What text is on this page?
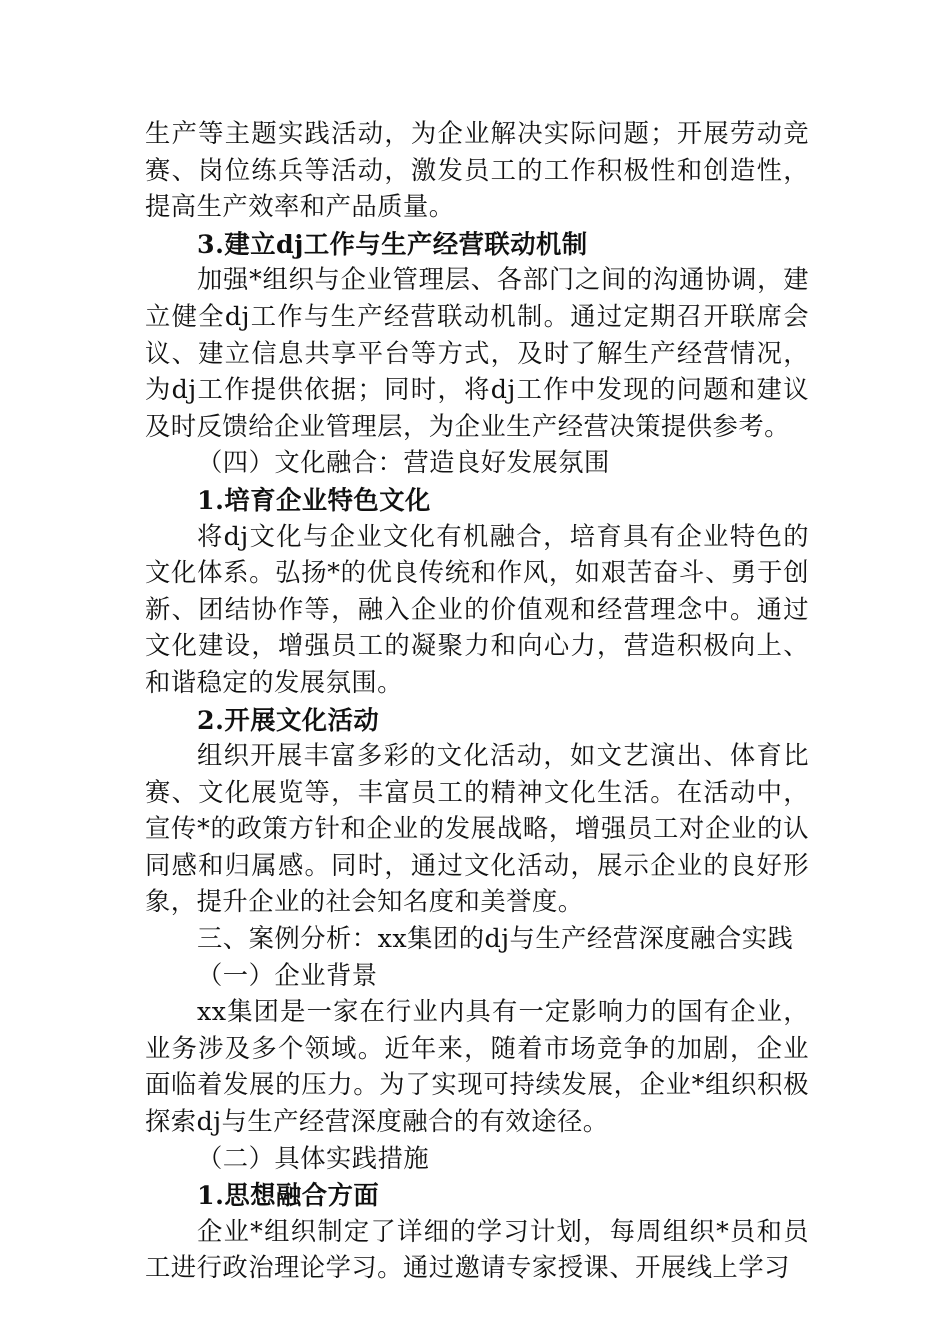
生产等主题实践活动，为企业解决实际问题；开展劳动竞赛、岗位练兵等活动，激发员工的工作积极性和创造性，提高生产效率和产品质量。

3.建立dj工作与生产经营联动机制

加强*组织与企业管理层、各部门之间的沟通协调，建立健全dj工作与生产经营联动机制。通过定期召开联席会议、建立信息共享平台等方式，及时了解生产经营情况，为dj工作提供依据；同时，将dj工作中发现的问题和建议及时反馈给企业管理层，为企业生产经营决策提供参考。

（四）文化融合：营造良好发展氛围

1.培育企业特色文化

将dj文化与企业文化有机融合，培育具有企业特色的文化体系。弘扬*的优良传统和作风，如艰苦奋斗、勇于创新、团结协作等，融入企业的价值观和经营理念中。通过文化建设，增强员工的凝聚力和向心力，营造积极向上、和谐稳定的发展氛围。

2.开展文化活动

组织开展丰富多彩的文化活动，如文艺演出、体育比赛、文化展览等，丰富员工的精神文化生活。在活动中，宣传*的政策方针和企业的发展战略，增强员工对企业的认同感和归属感。同时，通过文化活动，展示企业的良好形象，提升企业的社会知名度和美誉度。

三、案例分析：xx集团的dj与生产经营深度融合实践

（一）企业背景

xx集团是一家在行业内具有一定影响力的国有企业，业务涉及多个领域。近年来，随着市场竞争的加剧，企业面临着发展的压力。为了实现可持续发展，企业*组织积极探索dj与生产经营深度融合的有效途径。

（二）具体实践措施

1.思想融合方面

企业*组织制定了详细的学习计划，每周组织*员和员工进行政治理论学习。通过邀请专家授课、开展线上学习
